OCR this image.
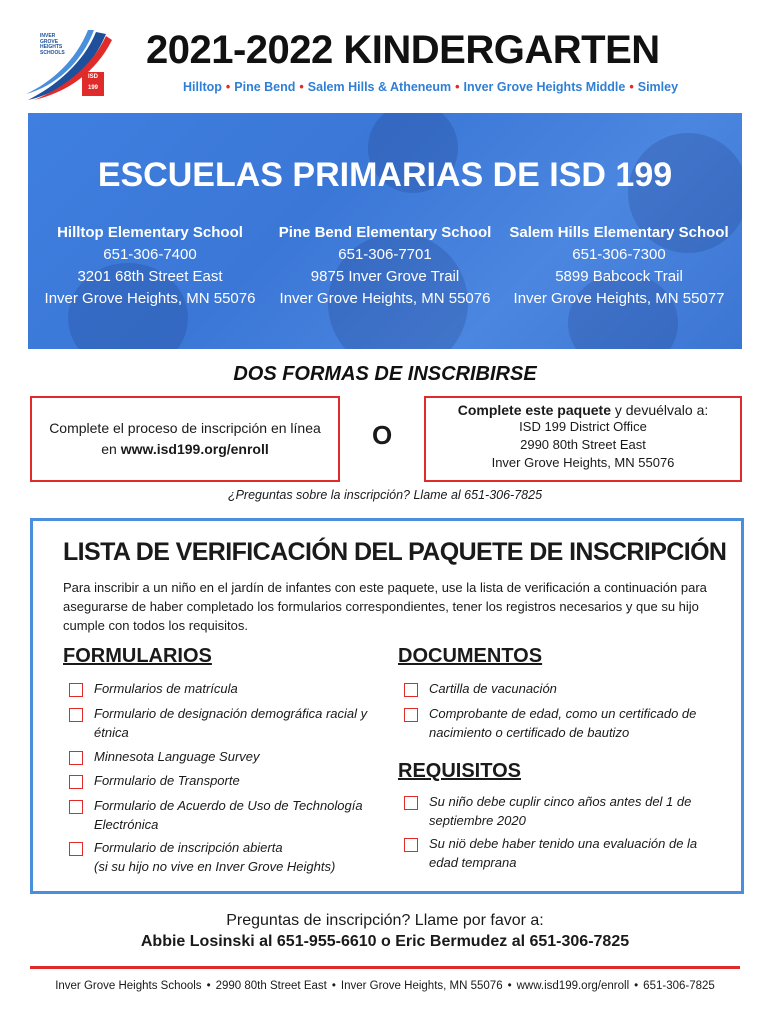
INVER
GROVE
HEIGHTS
SCHOOLS
ISD
199
2021-2022 KINDERGARTEN
Hilltop • Pine Bend • Salem Hills & Atheneum • Inver Grove Heights Middle • Simley
ESCUELAS PRIMARIAS DE ISD 199
Hilltop Elementary School
651-306-7400
3201 68th Street East
Inver Grove Heights, MN 55076
Pine Bend Elementary School
651-306-7701
9875 Inver Grove Trail
Inver Grove Heights, MN 55076
Salem Hills Elementary School
651-306-7300
5899 Babcock Trail
Inver Grove Heights, MN 55077
DOS FORMAS DE INSCRIBIRSE

Complete el proceso de inscripción en línea en www.isd199.org/enroll	O
Complete este paquete y devuélvalo a:
ISD 199 District Office
2990 80th Street East
Inver Grove Heights, MN 55076
¿Preguntas sobre la inscripción? Llame al 651-306-7825
LISTA DE VERIFICACIÓN DEL PAQUETE DE INSCRIPCIÓN
Para inscribir a un niño en el jardín de infantes con este paquete, use la lista de verificación a continuación para asegurarse de haber completado los formularios correspondientes, tener los registros necesarios y que su hijo cumple con todos los requisitos.
FORMULARIOS
Formularios de matrícula
Formulario de designación demográfica racial y
étnica
Minnesota Language Survey
Formulario de Transporte
Formulario de Acuerdo de Uso de Technología
Electrónica
Formulario de inscripción abierta
(si su hijo no vive en Inver Grove Heights)
DOCUMENTOS
Cartilla de vacunación
Comprobante de edad, como un certificado de
nacimiento o certificado de bautizo
REQUISITOS
Su niño debe cuplir cinco años antes del 1 de
septiembre 2020
Su niö debe haber tenido una evaluación de la
edad temprana
Preguntas de inscripción? Llame por favor a:
Abbie Losinski al 651-955-6610 o Eric Bermudez al 651-306-7825
Inver Grove Heights Schools • 2990 80th Street East • Inver Grove Heights, MN 55076 • www.isd199.org/enroll • 651-306-7825
